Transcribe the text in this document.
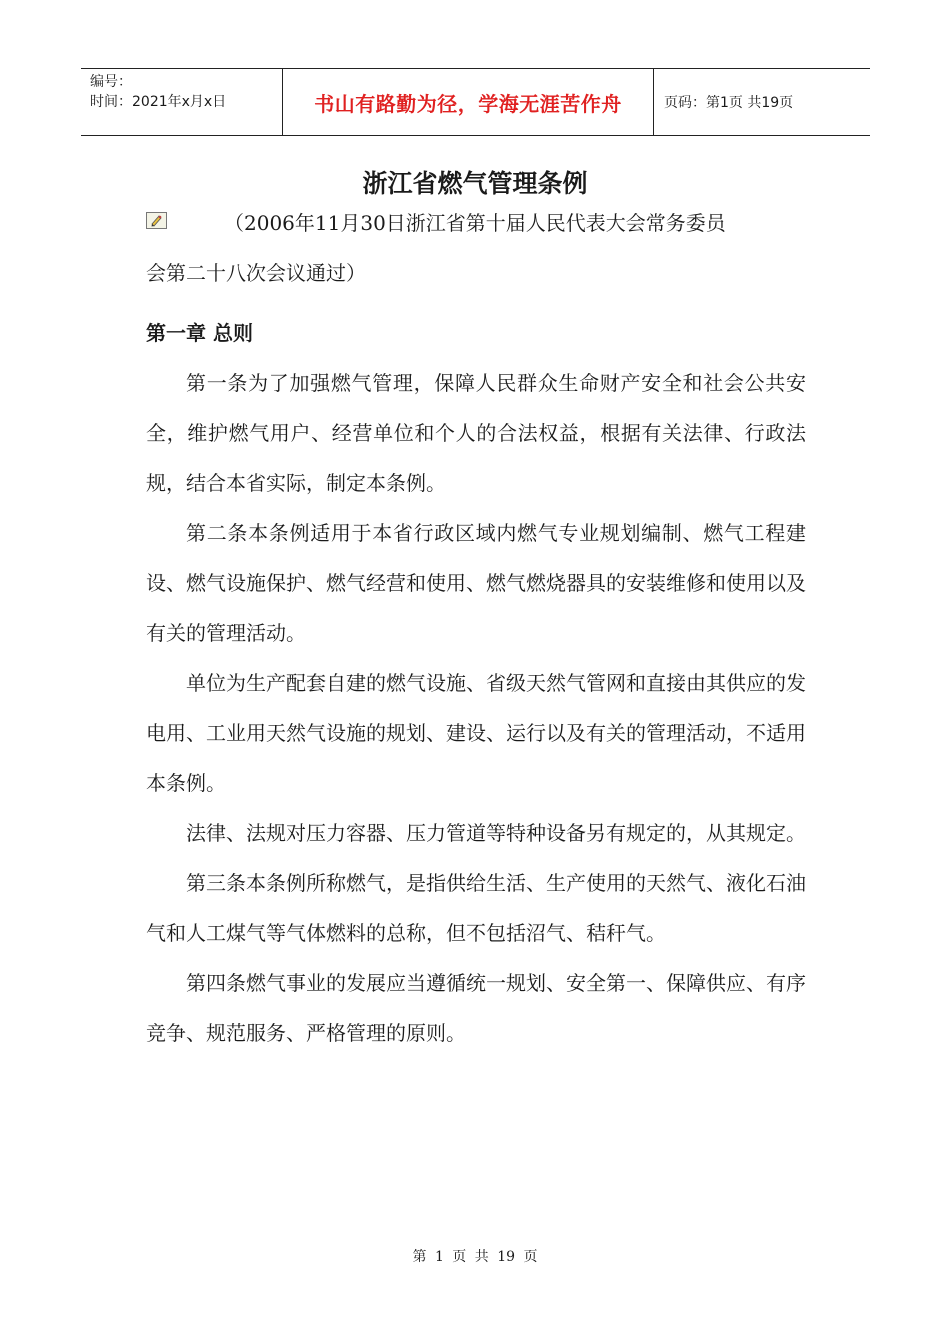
编号：
时间：2021年x月x日	书山有路勤为径，学海无涯苦作舟	页码：第1页 共19页
浙江省燃气管理条例
（2006年11月30日浙江省第十届人民代表大会常务委员
会第二十八次会议通过）

第一章 总则

第一条为了加强燃气管理，保障人民群众生命财产安全和社会公共安全，维护燃气用户、经营单位和个人的合法权益，根据有关法律、行政法规，结合本省实际，制定本条例。

第二条本条例适用于本省行政区域内燃气专业规划编制、燃气工程建设、燃气设施保护、燃气经营和使用、燃气燃烧器具的安装维修和使用以及有关的管理活动。

单位为生产配套自建的燃气设施、省级天然气管网和直接由其供应的发电用、工业用天然气设施的规划、建设、运行以及有关的管理活动，不适用本条例。

法律、法规对压力容器、压力管道等特种设备另有规定的，从其规定。

第三条本条例所称燃气，是指供给生活、生产使用的天然气、液化石油气和人工煤气等气体燃料的总称，但不包括沼气、秸秆气。

第四条燃气事业的发展应当遵循统一规划、安全第一、保障供应、有序竞争、规范服务、严格管理的原则。

第 1 页 共 19 页
